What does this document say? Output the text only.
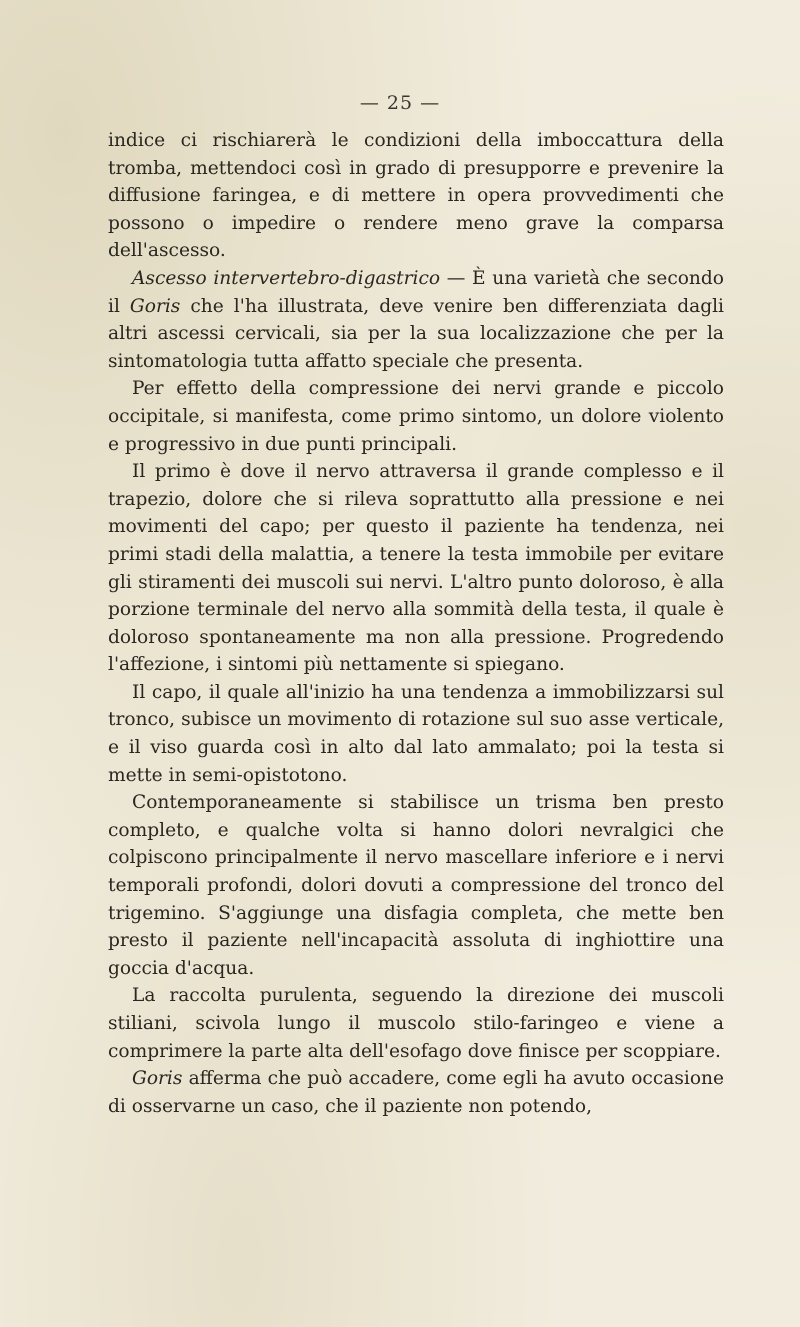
— 25 —

indice ci rischiarerà le condizioni della imboccattura della tromba, mettendoci così in grado di presupporre e prevenire la diffusione faringea, e di mettere in opera provvedimenti che possono o impedire o rendere meno grave la comparsa dell'ascesso.

Ascesso intervertebro-digastrico — È una varietà che secondo il Goris che l'ha illustrata, deve venire ben differenziata dagli altri ascessi cervicali, sia per la sua localizzazione che per la sintomatologia tutta affatto speciale che presenta.

Per effetto della compressione dei nervi grande e piccolo occipitale, si manifesta, come primo sintomo, un dolore violento e progressivo in due punti principali.

Il primo è dove il nervo attraversa il grande complesso e il trapezio, dolore che si rileva soprattutto alla pressione e nei movimenti del capo; per questo il paziente ha tendenza, nei primi stadi della malattia, a tenere la testa immobile per evitare gli stiramenti dei muscoli sui nervi. L'altro punto doloroso, è alla porzione terminale del nervo alla sommità della testa, il quale è doloroso spontaneamente ma non alla pressione. Progredendo l'affezione, i sintomi più nettamente si spiegano.

Il capo, il quale all'inizio ha una tendenza a immobilizzarsi sul tronco, subisce un movimento di rotazione sul suo asse verticale, e il viso guarda così in alto dal lato ammalato; poi la testa si mette in semi-opistotono.

Contemporaneamente si stabilisce un trisma ben presto completo, e qualche volta si hanno dolori nevralgici che colpiscono principalmente il nervo mascellare inferiore e i nervi temporali profondi, dolori dovuti a compressione del tronco del trigemino. S'aggiunge una disfagia completa, che mette ben presto il paziente nell'incapacità assoluta di inghiottire una goccia d'acqua.

La raccolta purulenta, seguendo la direzione dei muscoli stiliani, scivola lungo il muscolo stilo-faringeo e viene a comprimere la parte alta dell'esofago dove finisce per scoppiare.

Goris afferma che può accadere, come egli ha avuto occasione di osservarne un caso, che il paziente non potendo,
